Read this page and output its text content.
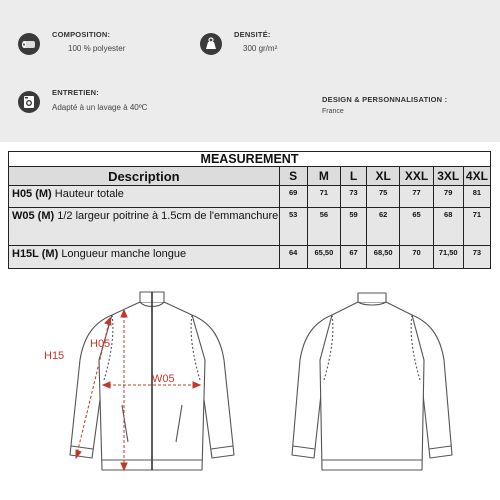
COMPOSITION:
100 % polyester
DENSITÉ:
300 gr/m²
ENTRETIEN:
Adapté à un lavage à 40ºC
DESIGN & PERSONNALISATION :
France
MEASUREMENT							
Description	S	M	L	XL	XXL	3XL	4XL
H05 (M) Hauteur totale	69	71	73	75	77	79	81
W05 (M) 1/2 largeur poitrine à 1.5cm de l'emmanchure	53	56	59	62	65	68	71
H15L (M) Longueur manche longue	64	65,50	67	68,50	70	71,50	73
H15
H05
W05
